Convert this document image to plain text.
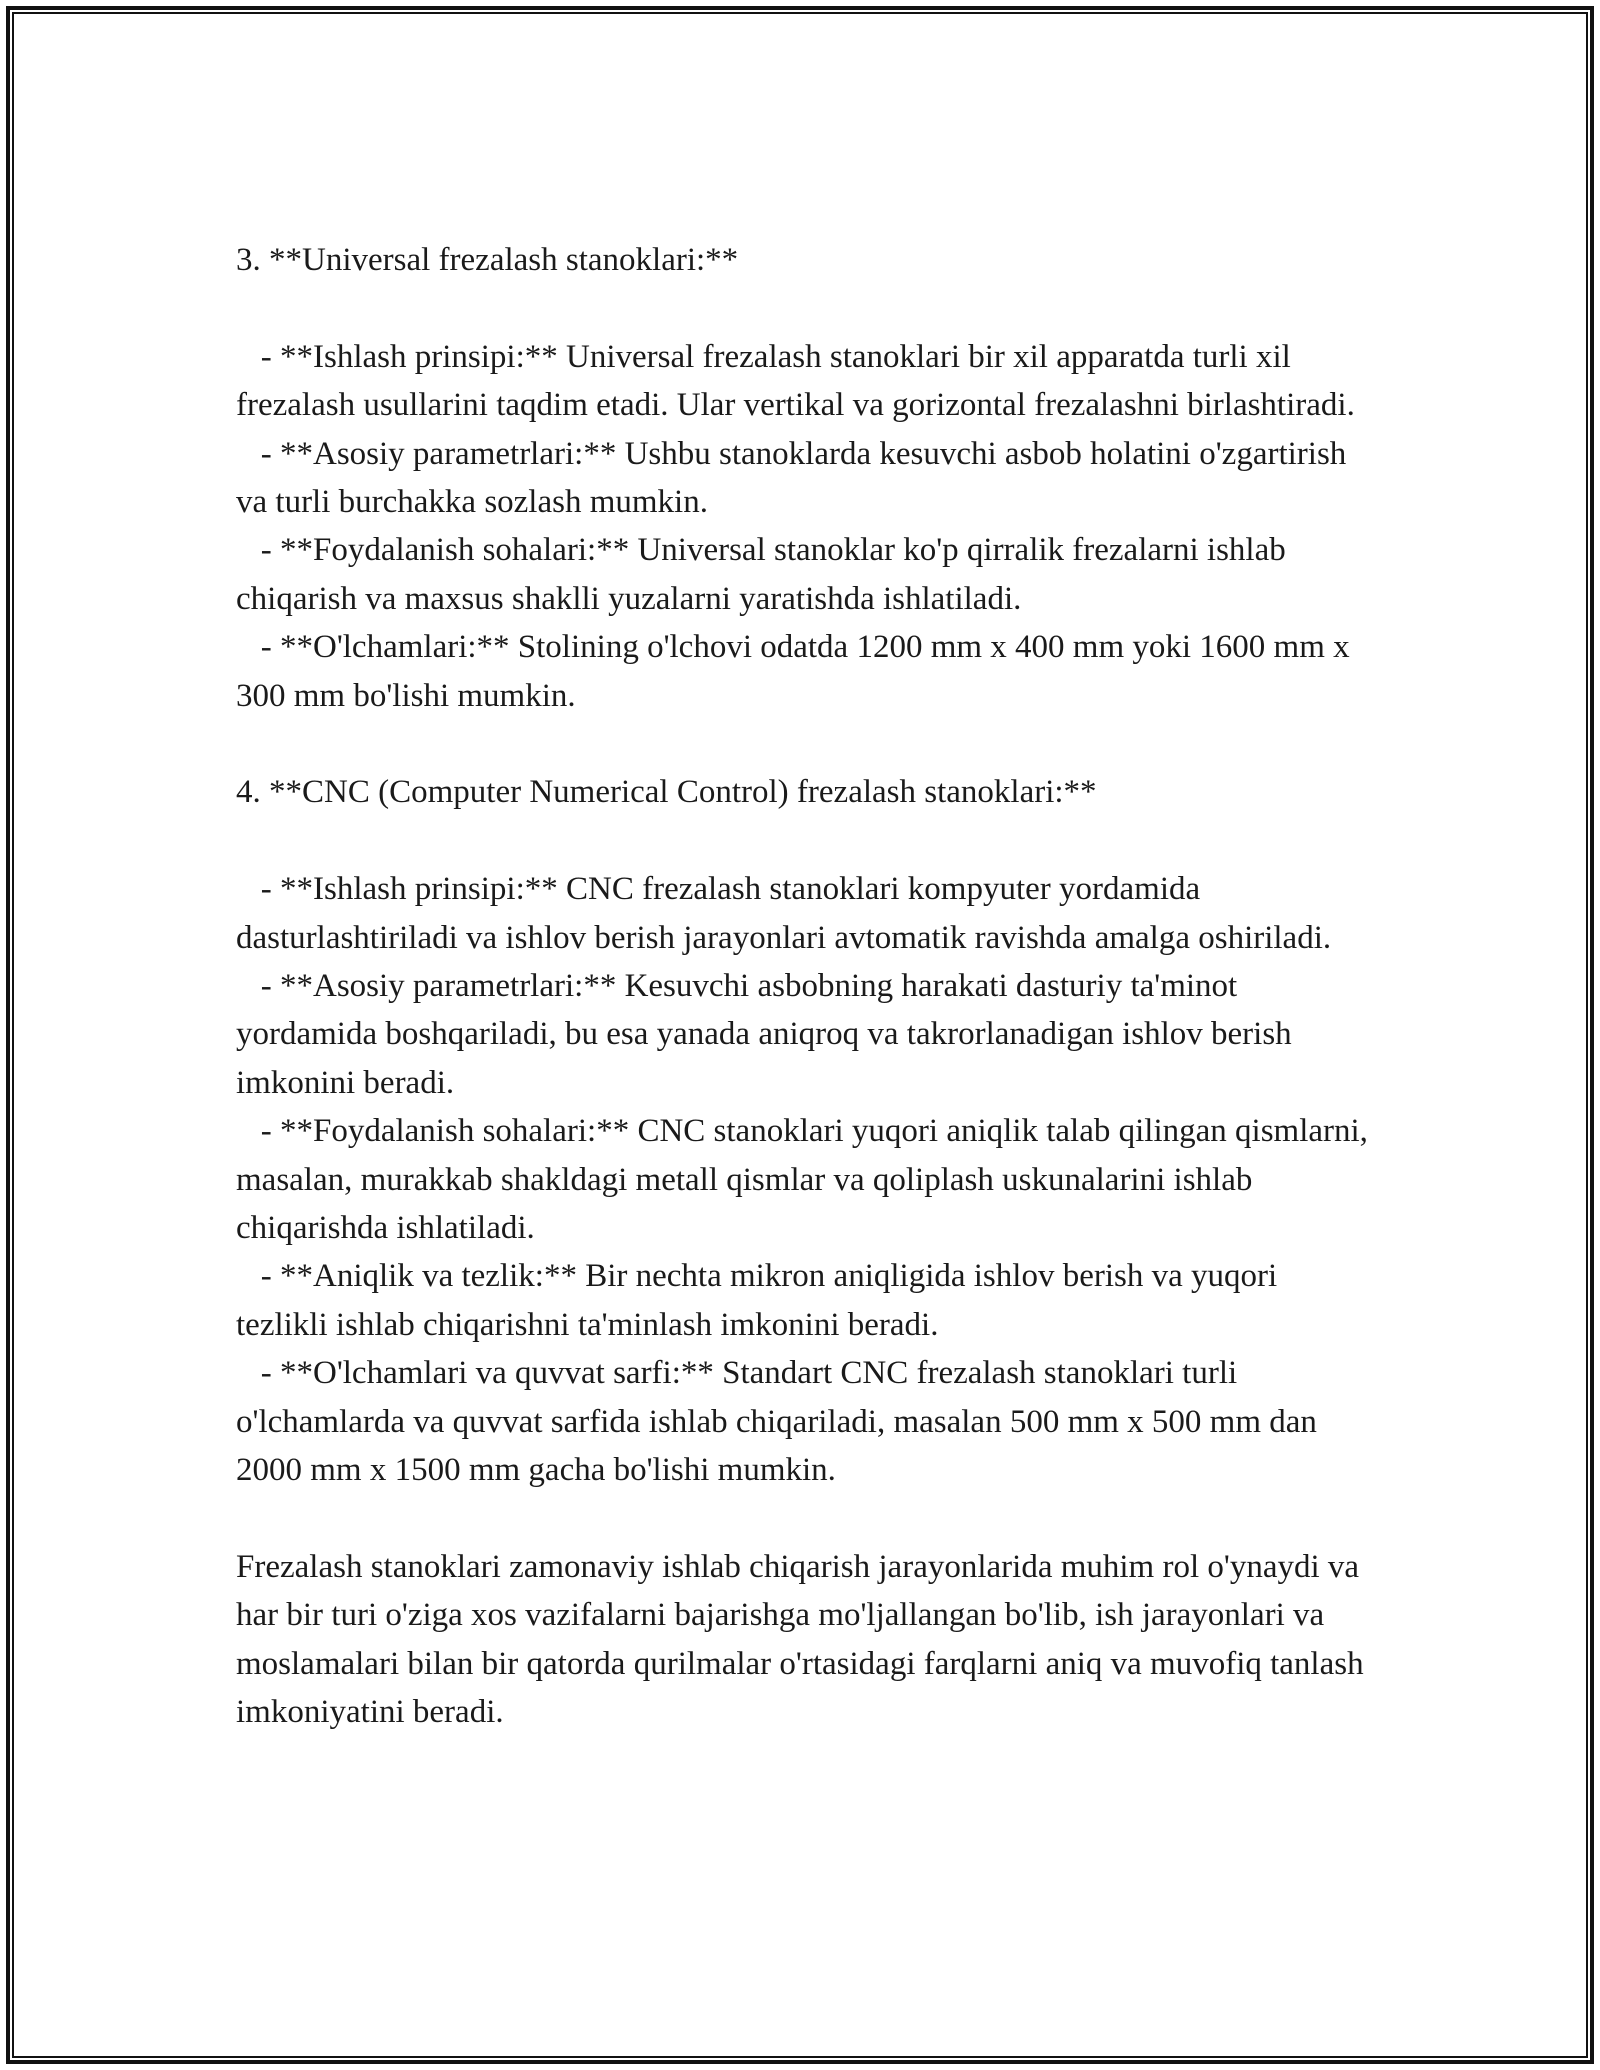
3. **Universal frezalash stanoklari:**

- **Ishlash prinsipi:** Universal frezalash stanoklari bir xil apparatda turli xil frezalash usullarini taqdim etadi. Ular vertikal va gorizontal frezalashni birlashtiradi.

- **Asosiy parametrlari:** Ushbu stanoklarda kesuvchi asbob holatini o'zgartirish va turli burchakka sozlash mumkin.

- **Foydalanish sohalari:** Universal stanoklar ko'p qirralik frezalarni ishlab chiqarish va maxsus shaklli yuzalarni yaratishda ishlatiladi.

- **O'lchamlari:** Stolining o'lchovi odatda 1200 mm x 400 mm yoki 1600 mm x 300 mm bo'lishi mumkin.

4. **CNC (Computer Numerical Control) frezalash stanoklari:**

- **Ishlash prinsipi:** CNC frezalash stanoklari kompyuter yordamida dasturlashtiriladi va ishlov berish jarayonlari avtomatik ravishda amalga oshiriladi.

- **Asosiy parametrlari:** Kesuvchi asbobning harakati dasturiy ta'minot yordamida boshqariladi, bu esa yanada aniqroq va takrorlanadigan ishlov berish imkonini beradi.

- **Foydalanish sohalari:** CNC stanoklari yuqori aniqlik talab qilingan qismlarni, masalan, murakkab shakldagi metall qismlar va qoliplash uskunalarini ishlab chiqarishda ishlatiladi.

- **Aniqlik va tezlik:** Bir nechta mikron aniqligida ishlov berish va yuqori tezlikli ishlab chiqarishni ta'minlash imkonini beradi.

- **O'lchamlari va quvvat sarfi:** Standart CNC frezalash stanoklari turli o'lchamlarda va quvvat sarfida ishlab chiqariladi, masalan 500 mm x 500 mm dan 2000 mm x 1500 mm gacha bo'lishi mumkin.

Frezalash stanoklari zamonaviy ishlab chiqarish jarayonlarida muhim rol o'ynaydi va har bir turi o'ziga xos vazifalarni bajarishga mo'ljallangan bo'lib, ish jarayonlari va moslamalari bilan bir qatorda qurilmalar o'rtasidagi farqlarni aniq va muvofiq tanlash imkoniyatini beradi.
